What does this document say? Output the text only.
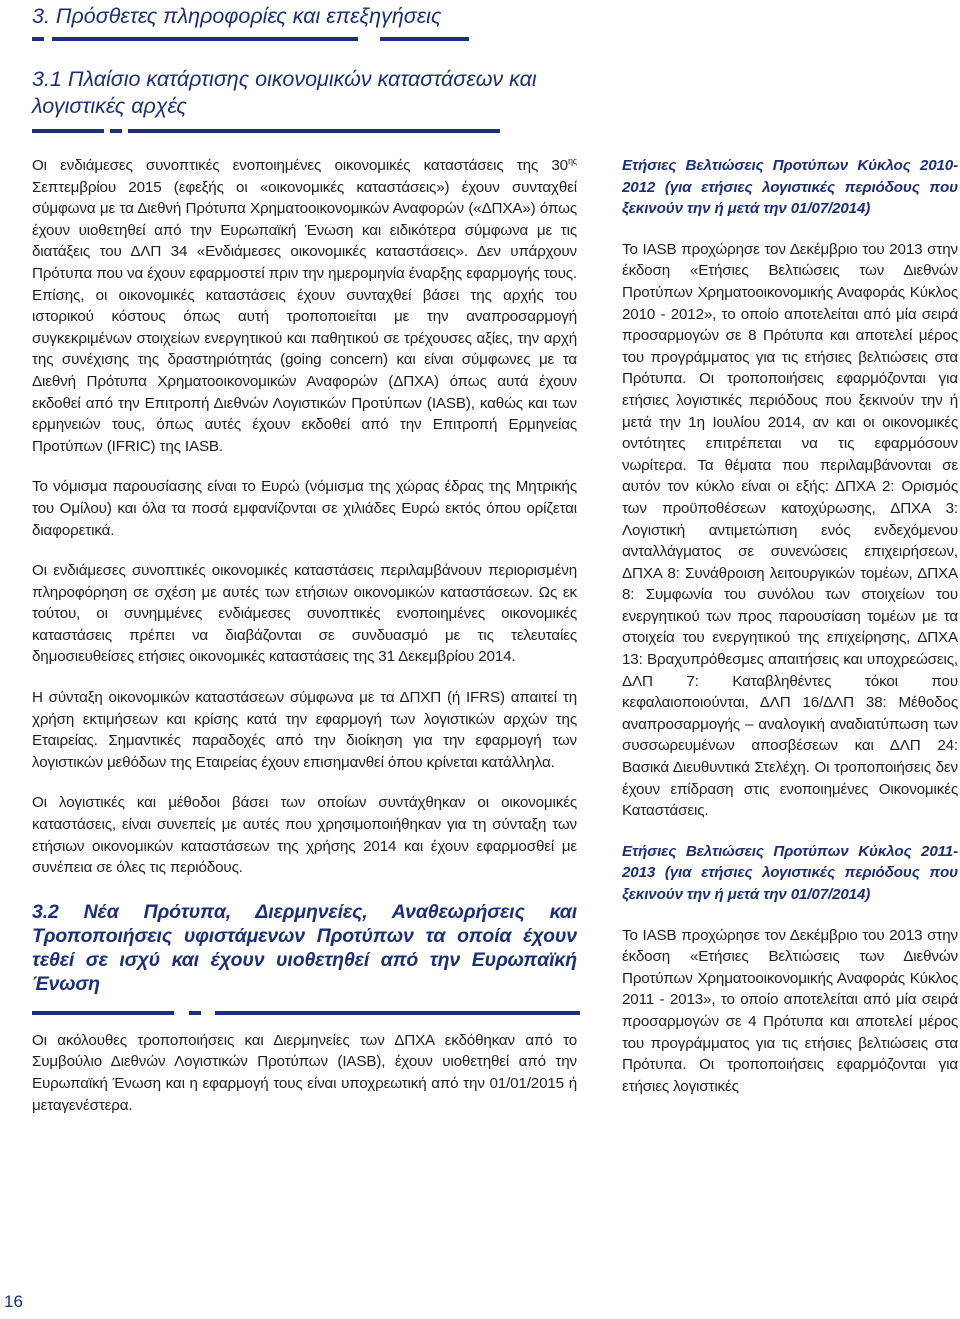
3. Πρόσθετες πληροφορίες και επεξηγήσεις
3.1 Πλαίσιο κατάρτισης οικονομικών καταστάσεων και λογιστικές αρχές

Οι ενδιάμεσες συνοπτικές ενοποιημένες οικονομικές καταστάσεις της $30^{\eta\varsigma}$ Σεπτεμβρίου 2015 (εφεξής οι «οικονομικές καταστάσεις») έχουν συνταχθεί σύμφωνα με τα Διεθνή Πρότυπα Χρηματοοικονομικών Αναφορών («ΔΠΧΑ») όπως έχουν υιοθετηθεί από την Ευρωπαϊκή Ένωση και ειδικότερα σύμφωνα με τις διατάξεις του ΔΛΠ 34 «Ενδιάμεσες οικονομικές καταστάσεις». Δεν υπάρχουν Πρότυπα που να έχουν εφαρμοστεί πριν την ημερομηνία έναρξης εφαρμογής τους. Επίσης, οι οικονομικές καταστάσεις έχουν συνταχθεί βάσει της αρχής του ιστορικού κόστους όπως αυτή τροποποιείται με την αναπροσαρμογή συγκεκριμένων στοιχείων ενεργητικού και παθητικού σε τρέχουσες αξίες, την αρχή της συνέχισης της δραστηριότητάς (going concern) και είναι σύμφωνες με τα Διεθνή Πρότυπα Χρηματοοικονομικών Αναφορών (ΔΠΧΑ) όπως αυτά έχουν εκδοθεί από την Επιτροπή Διεθνών Λογιστικών Προτύπων (IASB), καθώς και των ερμηνειών τους, όπως αυτές έχουν εκδοθεί από την Επιτροπή Ερμηνείας Προτύπων (IFRIC) της IASB.

Το νόμισμα παρουσίασης είναι το Ευρώ (νόμισμα της χώρας έδρας της Μητρικής του Ομίλου) και όλα τα ποσά εμφανίζονται σε χιλιάδες Ευρώ εκτός όπου ορίζεται διαφορετικά.

Οι ενδιάμεσες συνοπτικές οικονομικές καταστάσεις περιλαμβάνουν περιορισμένη πληροφόρηση σε σχέση με αυτές των ετήσιων οικονομικών καταστάσεων. Ως εκ τούτου, οι συνημμένες ενδιάμεσες συνοπτικές ενοποιημένες οικονομικές καταστάσεις πρέπει να διαβάζονται σε συνδυασμό με τις τελευταίες δημοσιευθείσες ετήσιες οικονομικές καταστάσεις της 31 Δεκεμβρίου 2014.

Η σύνταξη οικονομικών καταστάσεων σύμφωνα με τα ΔΠΧΠ (ή IFRS) απαιτεί τη χρήση εκτιμήσεων και κρίσης κατά την εφαρμογή των λογιστικών αρχών της Εταιρείας. Σημαντικές παραδοχές από την διοίκηση για την εφαρμογή των λογιστικών μεθόδων της Εταιρείας έχουν επισημανθεί όπου κρίνεται κατάλληλα.

Οι λογιστικές και μέθοδοι βάσει των οποίων συντάχθηκαν οι οικονομικές καταστάσεις, είναι συνεπείς με αυτές που χρησιμοποιήθηκαν για τη σύνταξη των ετήσιων οικονομικών καταστάσεων της χρήσης 2014 και έχουν εφαρμοσθεί με συνέπεια σε όλες τις περιόδους.

3.2 Νέα Πρότυπα, Διερμηνείες, Αναθεωρήσεις και Τροποποιήσεις υφιστάμενων Προτύπων τα οποία έχουν τεθεί σε ισχύ και έχουν υιοθετηθεί από την Ευρωπαϊκή Ένωση

Οι ακόλουθες τροποποιήσεις και Διερμηνείες των ΔΠΧΑ εκδόθηκαν από το Συμβούλιο Διεθνών Λογιστικών Προτύπων (IASB), έχουν υιοθετηθεί από την Ευρωπαϊκή Ένωση και η εφαρμογή τους είναι υποχρεωτική από την 01/01/2015 ή μεταγενέστερα.

Ετήσιες Βελτιώσεις Προτύπων Κύκλος 2010-2012 (για ετήσιες λογιστικές περιόδους που ξεκινούν την ή μετά την 01/07/2014)

Το IASB προχώρησε τον Δεκέμβριο του 2013 στην έκδοση «Ετήσιες Βελτιώσεις των Διεθνών Προτύπων Χρηματοοικονομικής Αναφοράς Κύκλος 2010 - 2012», το οποίο αποτελείται από μία σειρά προσαρμογών σε 8 Πρότυπα και αποτελεί μέρος του προγράμματος για τις ετήσιες βελτιώσεις στα Πρότυπα. Οι τροποποιήσεις εφαρμόζονται για ετήσιες λογιστικές περιόδους που ξεκινούν την ή μετά την 1η Ιουλίου 2014, αν και οι οικονομικές οντότητες επιτρέπεται να τις εφαρμόσουν νωρίτερα. Τα θέματα που περιλαμβάνονται σε αυτόν τον κύκλο είναι οι εξής: ΔΠΧΑ 2: Ορισμός των προϋποθέσεων κατοχύρωσης, ΔΠΧΑ 3: Λογιστική αντιμετώπιση ενός ενδεχόμενου ανταλλάγματος σε συνενώσεις επιχειρήσεων, ΔΠΧΑ 8: Συνάθροιση λειτουργικών τομέων, ΔΠΧΑ 8: Συμφωνία του συνόλου των στοιχείων του ενεργητικού των προς παρουσίαση τομέων με τα στοιχεία του ενεργητικού της επιχείρησης, ΔΠΧΑ 13: Βραχυπρόθεσμες απαιτήσεις και υποχρεώσεις, ΔΛΠ 7: Καταβληθέντες τόκοι που κεφαλαιοποιούνται, ΔΛΠ 16/ΔΛΠ 38: Μέθοδος αναπροσαρμογής – αναλογική αναδιατύπωση των συσσωρευμένων αποσβέσεων και ΔΛΠ 24: Βασικά Διευθυντικά Στελέχη. Οι τροποποιήσεις δεν έχουν επίδραση στις ενοποιημένες Οικονομικές Καταστάσεις.

Ετήσιες Βελτιώσεις Προτύπων Κύκλος 2011-2013 (για ετήσιες λογιστικές περιόδους που ξεκινούν την ή μετά την 01/07/2014)

Το IASB προχώρησε τον Δεκέμβριο του 2013 στην έκδοση «Ετήσιες Βελτιώσεις των Διεθνών Προτύπων Χρηματοοικονομικής Αναφοράς Κύκλος 2011 - 2013», το οποίο αποτελείται από μία σειρά προσαρμογών σε 4 Πρότυπα και αποτελεί μέρος του προγράμματος για τις ετήσιες βελτιώσεις στα Πρότυπα. Οι τροποποιήσεις εφαρμόζονται για ετήσιες λογιστικές

16
